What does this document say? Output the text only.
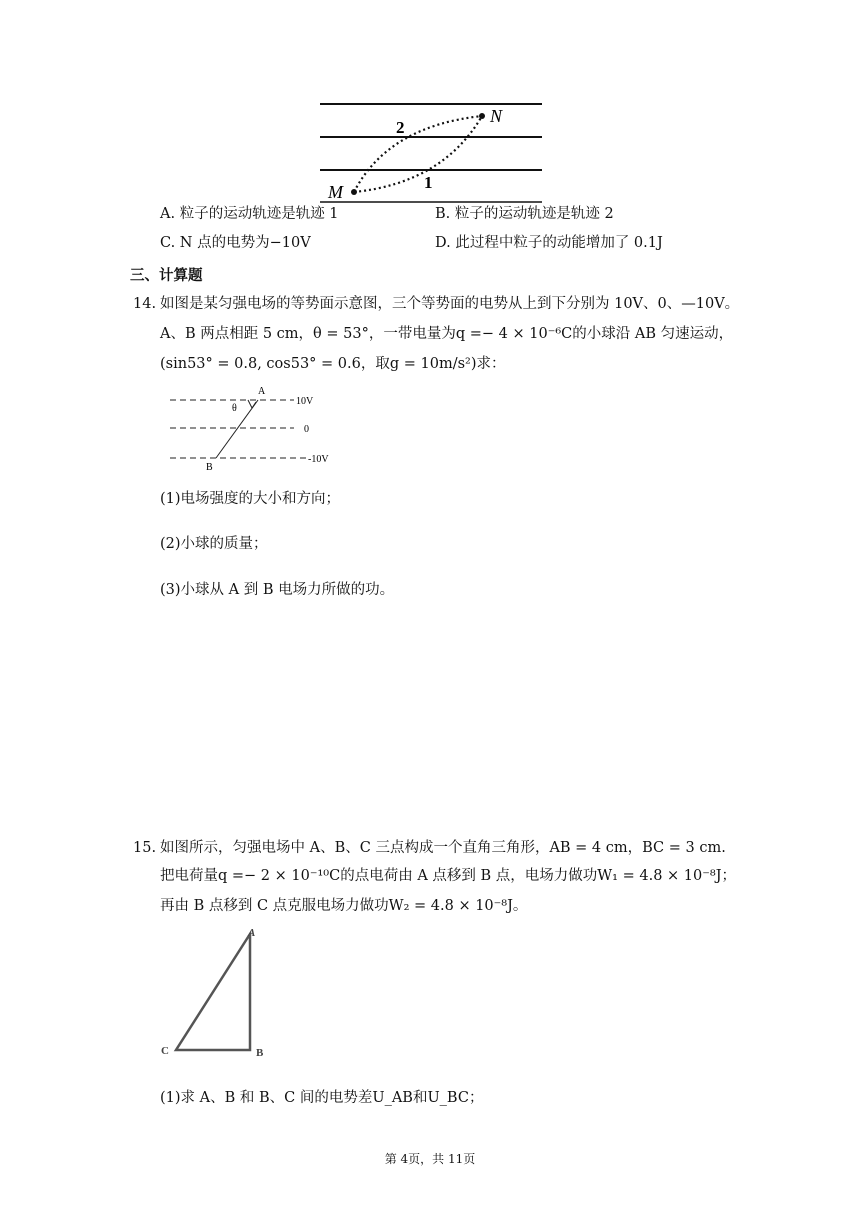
N
M
2
1
A. 粒子的运动轨迹是轨迹 1	B. 粒子的运动轨迹是轨迹 2
C. N 点的电势为−10V	D. 此过程中粒子的动能增加了 0.1J
三、计算题
14. 如图是某匀强电场的等势面示意图，三个等势面的电势从上到下分别为 10V、0、—10V。
A、B 两点相距 5 cm，θ = 53°，一带电量为q =− 4 × 10⁻⁶C的小球沿 AB 匀速运动，
(sin53° = 0.8, cos53° = 0.6，取g = 10m/s²)求：
A
θ
B
10V
0
-10V
(1)电场强度的大小和方向；
(2)小球的质量；
(3)小球从 A 到 B 电场力所做的功。
15. 如图所示，匀强电场中 A、B、C 三点构成一个直角三角形，AB = 4 cm，BC = 3 cm.
把电荷量q =− 2 × 10⁻¹⁰C的点电荷由 A 点移到 B 点，电场力做功W₁ = 4.8 × 10⁻⁸J；
再由 B 点移到 C 点克服电场力做功W₂ = 4.8 × 10⁻⁸J。
A
C	B
(1)求 A、B 和 B、C 间的电势差U_AB和U_BC；
第 4页，共 11页
